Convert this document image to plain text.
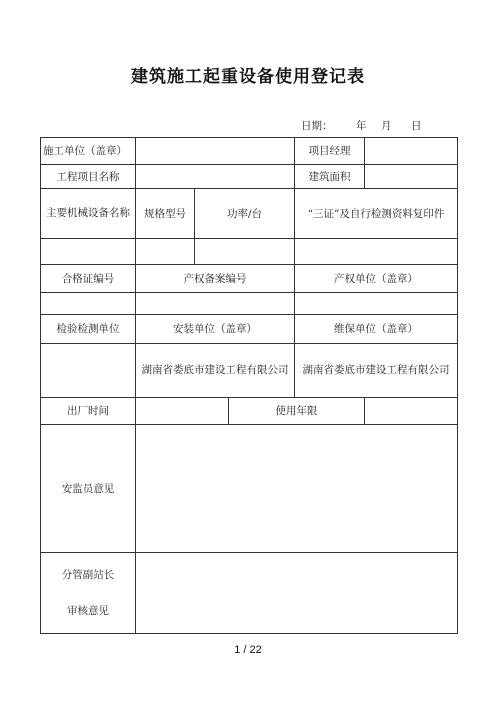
建筑施工起重设备使用登记表
日期： 年 月 日
施工单位（盖章）				项目经理	
工程项目名称				建筑面积	
主要机械设备名称	规格型号	功率/台		“三证”及自行检测资料复印件	

合格证编号	产权备案编号			产权单位（盖章）	

检验检测单位	安装单位（盖章）			维保单位（盖章）	
	湖南省娄底市建设工程有限公司			湖南省娄底市建设工程有限公司	
出厂时间			使用年限		
安监员意见					

分管副站长
审核意见					

1 / 22
